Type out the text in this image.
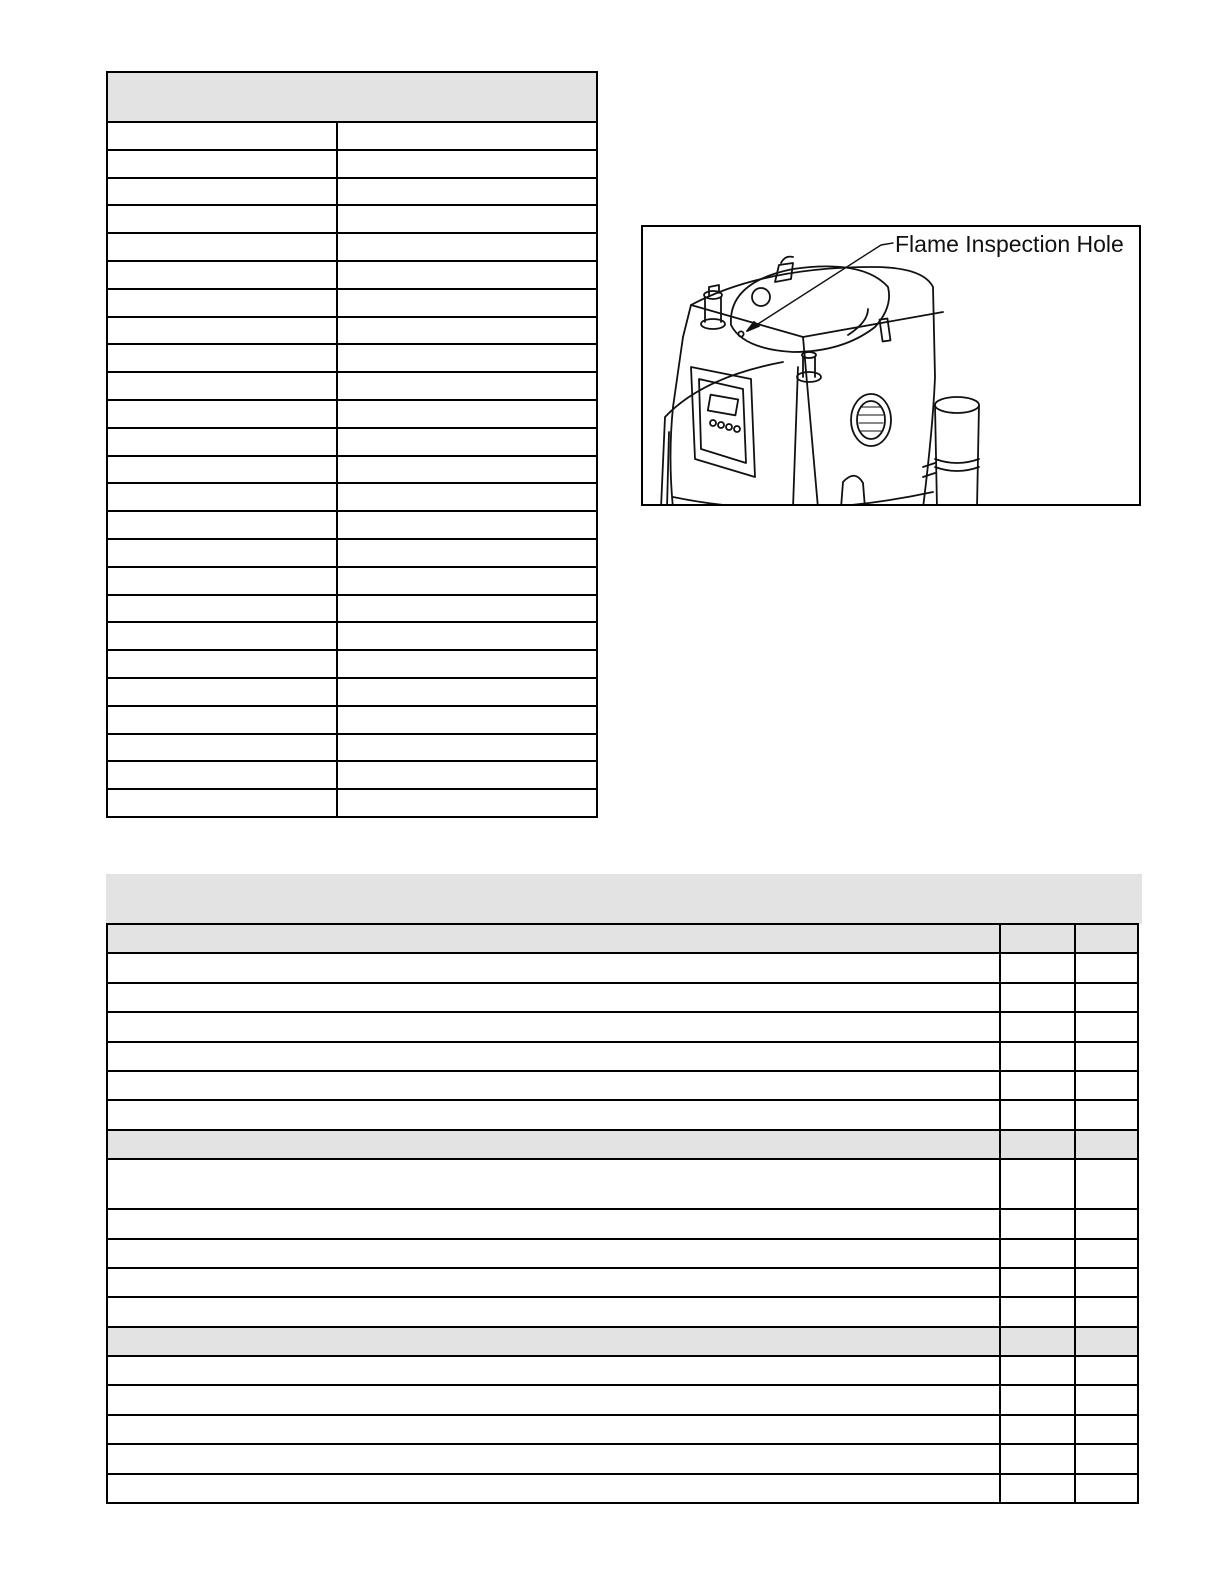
Flame Inspection Hole
